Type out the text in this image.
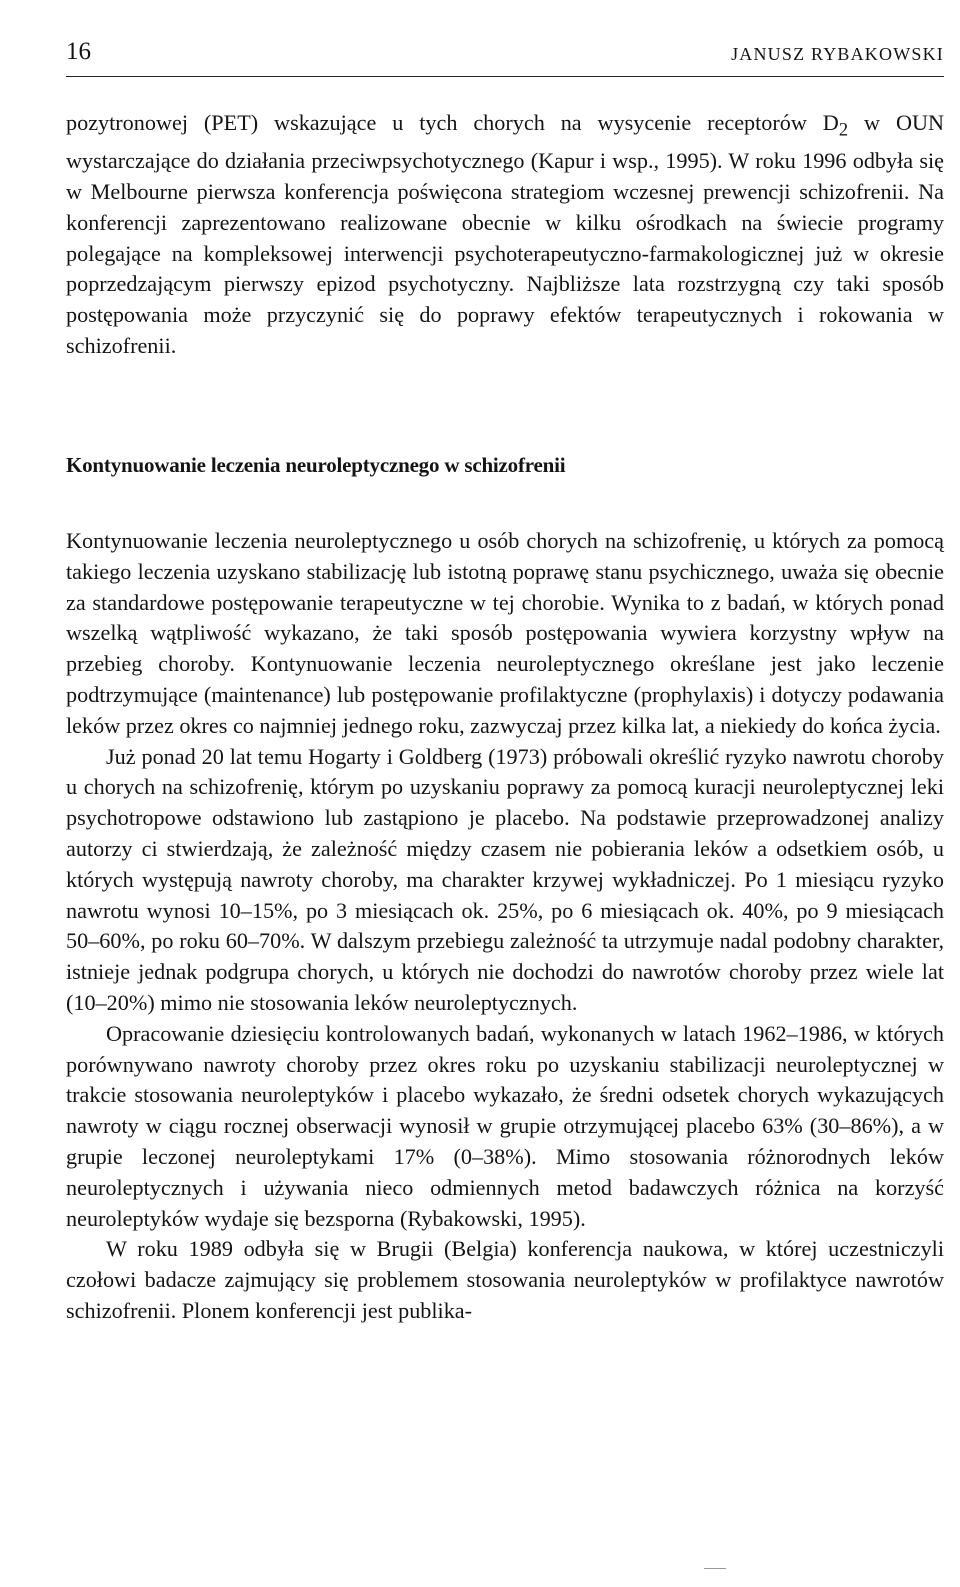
16	JANUSZ RYBAKOWSKI

pozytronowej (PET) wskazujące u tych chorych na wysycenie receptorów $D_2$ w OUN wystarczające do działania przeciwpsychotycznego (Kapur i wsp., 1995). W roku 1996 odbyła się w Melbourne pierwsza konferencja poświęcona strategiom wczesnej prewencji schizofrenii. Na konferencji zaprezentowano realizowane obecnie w kilku ośrodkach na świecie programy polegające na kompleksowej interwencji psychoterapeutyczno-farmakologicznej już w okresie poprzedzającym pierwszy epizod psychotyczny. Najbliższe lata rozstrzygną czy taki sposób postępowania może przyczynić się do poprawy efektów terapeutycznych i rokowania w schizofrenii.

Kontynuowanie leczenia neuroleptycznego w schizofrenii

Kontynuowanie leczenia neuroleptycznego u osób chorych na schizofrenię, u których za pomocą takiego leczenia uzyskano stabilizację lub istotną poprawę stanu psychicznego, uważa się obecnie za standardowe postępowanie terapeutyczne w tej chorobie. Wynika to z badań, w których ponad wszelką wątpliwość wykazano, że taki sposób postępowania wywiera korzystny wpływ na przebieg choroby. Kontynuowanie leczenia neuroleptycznego określane jest jako leczenie podtrzymujące (maintenance) lub postępowanie profilaktyczne (prophylaxis) i dotyczy podawania leków przez okres co najmniej jednego roku, zazwyczaj przez kilka lat, a niekiedy do końca życia.

Już ponad 20 lat temu Hogarty i Goldberg (1973) próbowali określić ryzyko nawrotu choroby u chorych na schizofrenię, którym po uzyskaniu poprawy za pomocą kuracji neuroleptycznej leki psychotropowe odstawiono lub zastąpiono je placebo. Na podstawie przeprowadzonej analizy autorzy ci stwierdzają, że zależność między czasem nie pobierania leków a odsetkiem osób, u których występują nawroty choroby, ma charakter krzywej wykładniczej. Po 1 miesiącu ryzyko nawrotu wynosi 10–15%, po 3 miesiącach ok. 25%, po 6 miesiącach ok. 40%, po 9 miesiącach 50–60%, po roku 60–70%. W dalszym przebiegu zależność ta utrzymuje nadal podobny charakter, istnieje jednak podgrupa chorych, u których nie dochodzi do nawrotów choroby przez wiele lat (10–20%) mimo nie stosowania leków neuroleptycznych.

Opracowanie dziesięciu kontrolowanych badań, wykonanych w latach 1962–1986, w których porównywano nawroty choroby przez okres roku po uzyskaniu stabilizacji neuroleptycznej w trakcie stosowania neuroleptyków i placebo wykazało, że średni odsetek chorych wykazujących nawroty w ciągu rocznej obserwacji wynosił w grupie otrzymującej placebo 63% (30–86%), a w grupie leczonej neuroleptykami 17% (0–38%). Mimo stosowania różnorodnych leków neuroleptycznych i używania nieco odmiennych metod badawczych różnica na korzyść neuroleptyków wydaje się bezsporna (Rybakowski, 1995).

W roku 1989 odbyła się w Brugii (Belgia) konferencja naukowa, w której uczestniczyli czołowi badacze zajmujący się problemem stosowania neuroleptyków w profilaktyce nawrotów schizofrenii. Plonem konferencji jest publika-
